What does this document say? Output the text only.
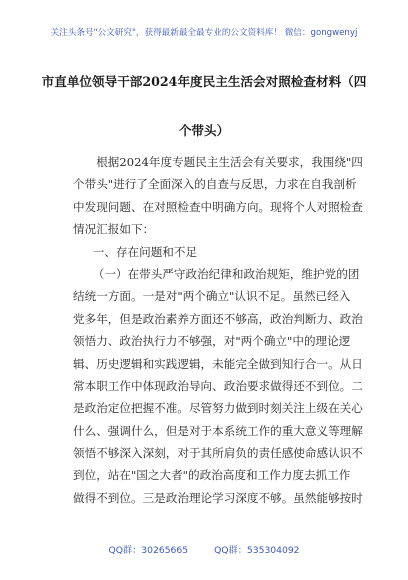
关注头条号"公文研究"，获得最新最全最专业的公文资料库！ 微信：gongwenyj
市直单位领导干部2024年度民主生活会对照检查材料（四
个带头）
根据2024年度专题民主生活会有关要求，我围绕"四
个带头"进行了全面深入的自查与反思，力求在自我剖析
中发现问题、在对照检查中明确方向。现将个人对照检查
情况汇报如下：
一、存在问题和不足
（一）在带头严守政治纪律和政治规矩，维护党的团
结统一方面。一是对"两个确立"认识不足。虽然已经入
党多年，但是政治素养方面还不够高，政治判断力、政治
领悟力、政治执行力不够强，对"两个确立"中的理论逻
辑、历史逻辑和实践逻辑，未能完全做到知行合一。从日
常本职工作中体现政治导向、政治要求做得还不到位。二
是政治定位把握不准。尽管努力做到时刻关注上级在关心
什么、强调什么，但是对于本系统工作的重大意义等理解
领悟不够深入深刻，对于其所肩负的责任感使命感认识不
到位，站在"国之大者"的政治高度和工作力度去抓工作
做得不到位。三是政治理论学习深度不够。虽然能够按时
QQ群：30265665	QQ群：535304092
